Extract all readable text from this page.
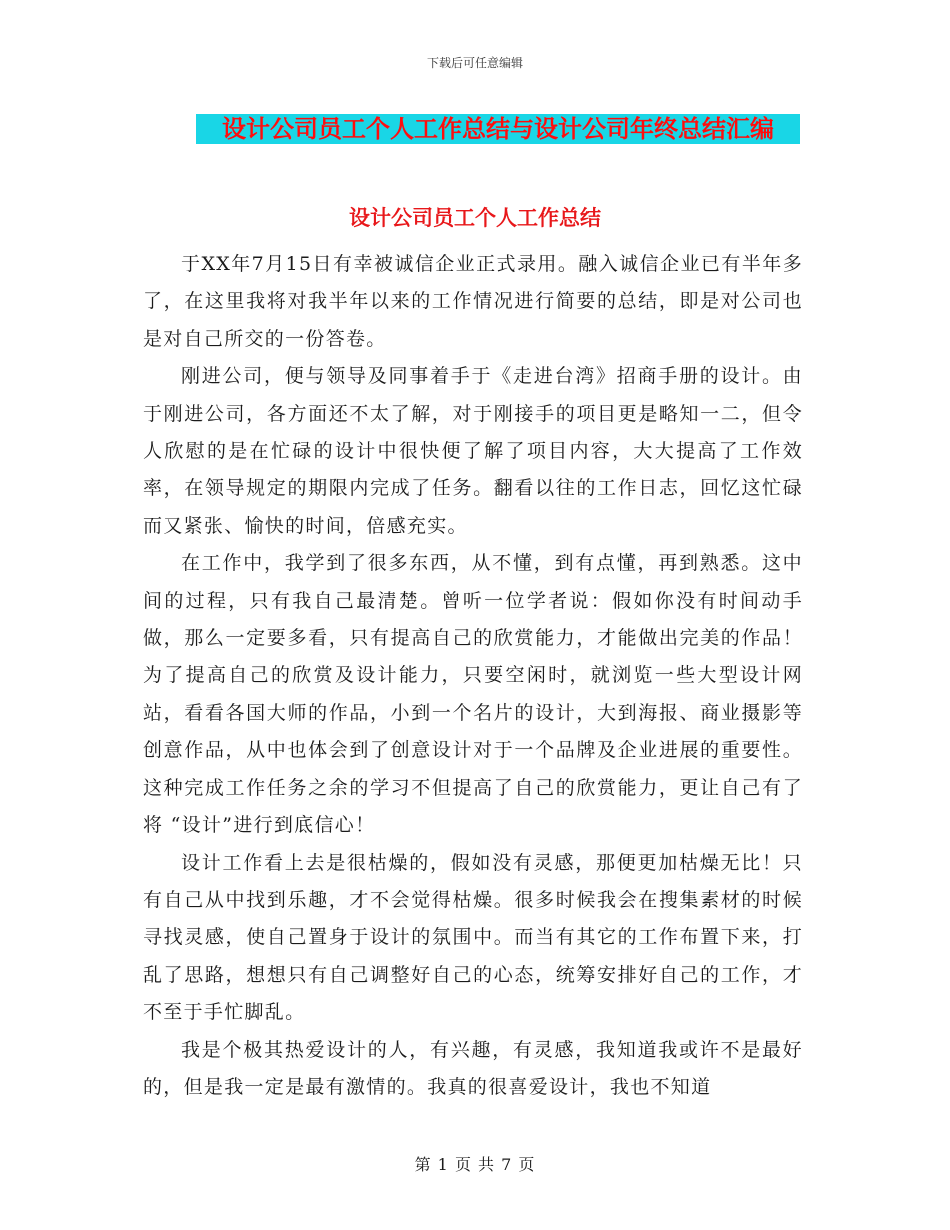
下载后可任意编辑
设计公司员工个人工作总结与设计公司年终总结汇编
设计公司员工个人工作总结

于XX年7月15日有幸被诚信企业正式录用。融入诚信企业已有半年多了，在这里我将对我半年以来的工作情况进行简要的总结，即是对公司也是对自己所交的一份答卷。

刚进公司，便与领导及同事着手于《走进台湾》招商手册的设计。由于刚进公司，各方面还不太了解，对于刚接手的项目更是略知一二，但令人欣慰的是在忙碌的设计中很快便了解了项目内容，大大提高了工作效率，在领导规定的期限内完成了任务。翻看以往的工作日志，回忆这忙碌而又紧张、愉快的时间，倍感充实。

在工作中，我学到了很多东西，从不懂，到有点懂，再到熟悉。这中间的过程，只有我自己最清楚。曾听一位学者说：假如你没有时间动手做，那么一定要多看，只有提高自己的欣赏能力，才能做出完美的作品！为了提高自己的欣赏及设计能力，只要空闲时，就浏览一些大型设计网站，看看各国大师的作品，小到一个名片的设计，大到海报、商业摄影等创意作品，从中也体会到了创意设计对于一个品牌及企业进展的重要性。这种完成工作任务之余的学习不但提高了自己的欣赏能力，更让自己有了将 “设计”进行到底信心！

设计工作看上去是很枯燥的，假如没有灵感，那便更加枯燥无比！只有自己从中找到乐趣，才不会觉得枯燥。很多时候我会在搜集素材的时候寻找灵感，使自己置身于设计的氛围中。而当有其它的工作布置下来，打乱了思路，想想只有自己调整好自己的心态，统筹安排好自己的工作，才不至于手忙脚乱。

我是个极其热爱设计的人，有兴趣，有灵感，我知道我或许不是最好的，但是我一定是最有激情的。我真的很喜爱设计，我也不知道

第 1 页 共 7 页
